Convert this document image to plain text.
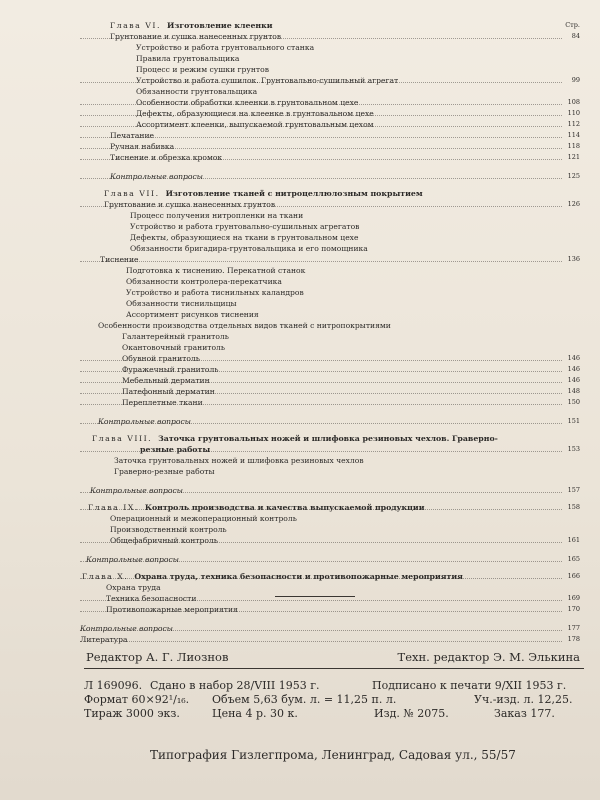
Глава VI. Изготовление клеенки	Стр.
Грунтование и сушка нанесенных грунтов	84
Устройство и работа грунтовального станка
Правила грунтовальщика
Процесс и режим сушки грунтов
Устройство и работа сушилок. Грунтовально-сушильный агрегат	99
Обязанности грунтовальщика
Особенности обработки клеенки в грунтовальном цехе	108
Дефекты, образующиеся на клеенке в грунтовальном цехе	110
Ассортимент клеенки, выпускаемой грунтовальным цехом	112
Печатание	114
Ручная набивка	118
Тиснение и обрезка кромок	121
Контрольные вопросы	125
Глава VII. Изготовление тканей с нитроцеллюлозным покрытием
Грунтование и сушка нанесенных грунтов	126
Процесс получения нитропленки на ткани
Устройство и работа грунтовально-сушильных агрегатов
Дефекты, образующиеся на ткани в грунтовальном цехе
Обязанности бригадира-грунтовальщика и его помощника
Тиснение	136
Подготовка к тиснению. Перекатной станок
Обязанности контролера-перекатчика
Устройство и работа тиснильных каландров
Обязанности тиснильщицы
Ассортимент рисунков тиснения
Особенности производства отдельных видов тканей с нитропокрытиями
Галантерейный гранитоль
Окантовочный гранитоль
Обувной гранитоль	146
Фуражечный гранитоль	146
Мебельный дерматин	146
Патефонный дерматин	148
Переплетные ткани	150
Контрольные вопросы	151
Глава VIII. Заточка грунтовальных ножей и шлифовка резиновых чехлов. Граверно-
резные работы	153
Заточка грунтовальных ножей и шлифовка резиновых чехлов
Граверно-резные работы
Контрольные вопросы	157
Глава IX. Контроль производства и качества выпускаемой продукции	158
Операционный и межоперационный контроль
Производственный контроль
Общефабричный контроль	161
Контрольные вопросы	165
Глава X. Охрана труда, техника безопасности и противопожарные мероприятия	166
Охрана труда
Техника безопасности	169
Противопожарные мероприятия	170
Контрольные вопросы	177
Литература	178
Редактор А. Г. Лиознов	Техн. редактор Э. М. Элькина
Л 169096. Сдано в набор 28/VIII 1953 г.	Подписано к печати 9/XII 1953 г.
Формат 60×92¹/₁₆. Объем 5,63 бум. л. = 11,25 п. л.	Уч.-изд. л. 12,25.
Тираж 3000 экз.	Цена 4 р. 30 к.	Изд. № 2075.	Заказ 177.
Типография Гизлегпрома, Ленинград, Садовая ул., 55/57
